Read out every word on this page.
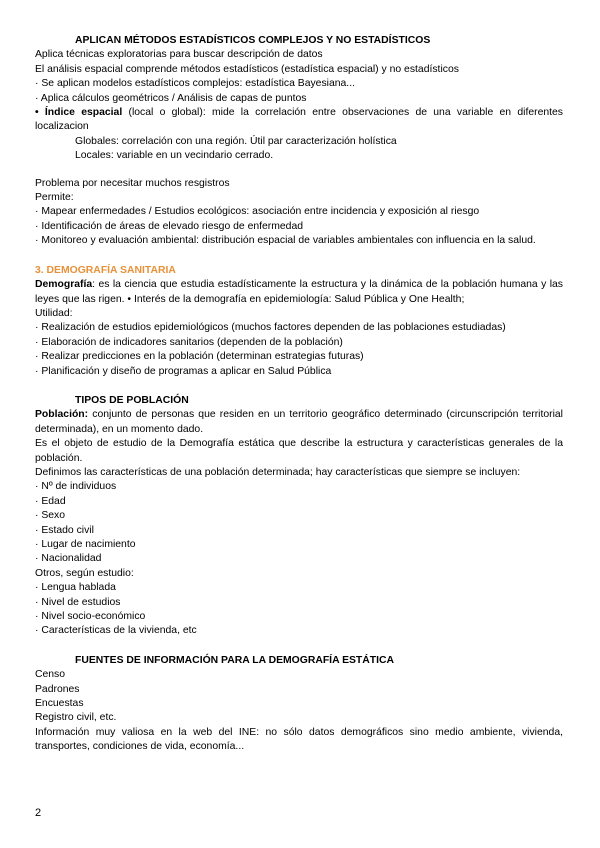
APLICAN MÉTODOS ESTADÍSTICOS COMPLEJOS Y NO ESTADÍSTICOS
Aplica técnicas exploratorias para buscar descripción de datos
El análisis espacial comprende métodos estadísticos (estadística espacial) y no estadísticos
· Se aplican modelos estadísticos complejos: estadística Bayesiana...
· Aplica cálculos geométricos / Análisis de capas de puntos
• Índice espacial (local o global): mide la correlación entre observaciones de una variable en diferentes localizacion
Globales: correlación con una región. Útil par caracterización holística
Locales: variable en un vecindario cerrado.
Problema por necesitar muchos resgistros
Permite:
· Mapear enfermedades / Estudios ecológicos: asociación entre incidencia y exposición al riesgo
· Identificación de áreas de elevado riesgo de enfermedad
· Monitoreo y evaluación ambiental: distribución espacial de variables ambientales con influencia en la salud.
3. DEMOGRAFÍA SANITARIA
Demografía: es la ciencia que estudia estadísticamente la estructura y la dinámica de la población humana y las leyes que las rigen. • Interés de la demografía en epidemiología: Salud Pública y One Health;
Utilidad:
· Realización de estudios epidemiológicos (muchos factores dependen de las poblaciones estudiadas)
· Elaboración de indicadores sanitarios (dependen de la población)
· Realizar predicciones en la población (determinan estrategias futuras)
· Planificación y diseño de programas a aplicar en Salud Pública
TIPOS DE POBLACIÓN
Población: conjunto de personas que residen en un territorio geográfico determinado (circunscripción territorial determinada), en un momento dado.
Es el objeto de estudio de la Demografía estática que describe la estructura y características generales de la población.
Definimos las características de una población determinada; hay características que siempre se incluyen:
· Nº de individuos
· Edad
· Sexo
· Estado civil
· Lugar de nacimiento
· Nacionalidad
Otros, según estudio:
· Lengua hablada
· Nivel de estudios
· Nivel socio-económico
· Características de la vivienda, etc
FUENTES DE INFORMACIÓN PARA LA DEMOGRAFÍA ESTÁTICA
Censo
Padrones
Encuestas
Registro civil, etc.
Información muy valiosa en la web del INE: no sólo datos demográficos sino medio ambiente, vivienda, transportes, condiciones de vida, economía...
2
